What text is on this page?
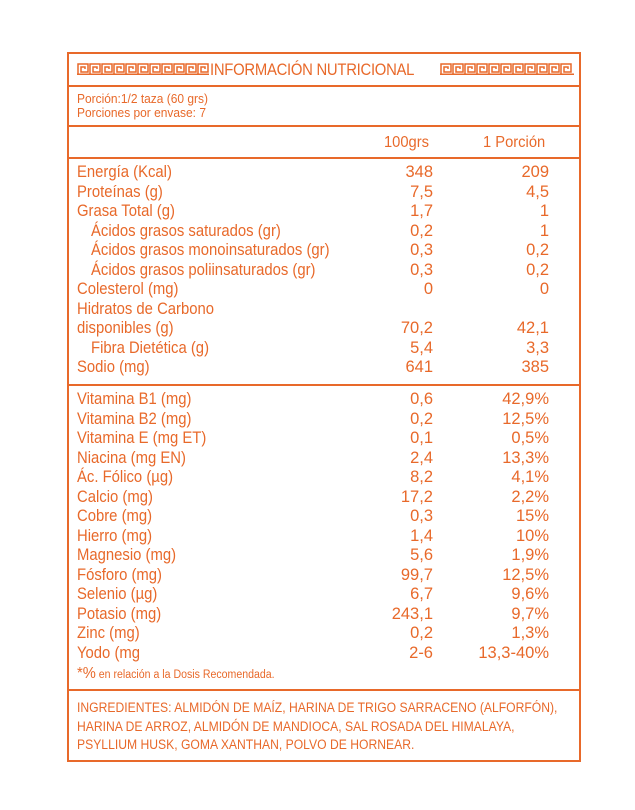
INFORMACIÓN NUTRICIONAL
Porción:1/2 taza (60 grs)
Porciones por envase: 7
100grs	1 Porción
Energía (Kcal)	348	209
Proteínas (g)	7,5	4,5
Grasa Total (g)	1,7	1
Ácidos grasos saturados (gr)	0,2	1
Ácidos grasos monoinsaturados (gr)	0,3	0,2
Ácidos grasos poliinsaturados (gr)	0,3	0,2
Colesterol (mg)	0	0
Hidratos de Carbono
disponibles (g)	70,2	42,1
Fibra Dietética (g)	5,4	3,3
Sodio (mg)	641	385
Vitamina B1 (mg)	0,6	42,9%
Vitamina B2 (mg)	0,2	12,5%
Vitamina E (mg ET)	0,1	0,5%
Niacina (mg EN)	2,4	13,3%
Ác. Fólico (µg)	8,2	4,1%
Calcio (mg)	17,2	2,2%
Cobre (mg)	0,3	15%
Hierro (mg)	1,4	10%
Magnesio (mg)	5,6	1,9%
Fósforo (mg)	99,7	12,5%
Selenio (µg)	6,7	9,6%
Potasio (mg)	243,1	9,7%
Zinc (mg)	0,2	1,3%
Yodo (mg	2-6	13,3-40%
*% en relación a la Dosis Recomendada.
INGREDIENTES: ALMIDÓN DE MAÍZ, HARINA DE TRIGO SARRACENO (ALFORFÓN), HARINA DE ARROZ, ALMIDÓN DE MANDIOCA, SAL ROSADA DEL HIMALAYA, PSYLLIUM HUSK, GOMA XANTHAN, POLVO DE HORNEAR.
